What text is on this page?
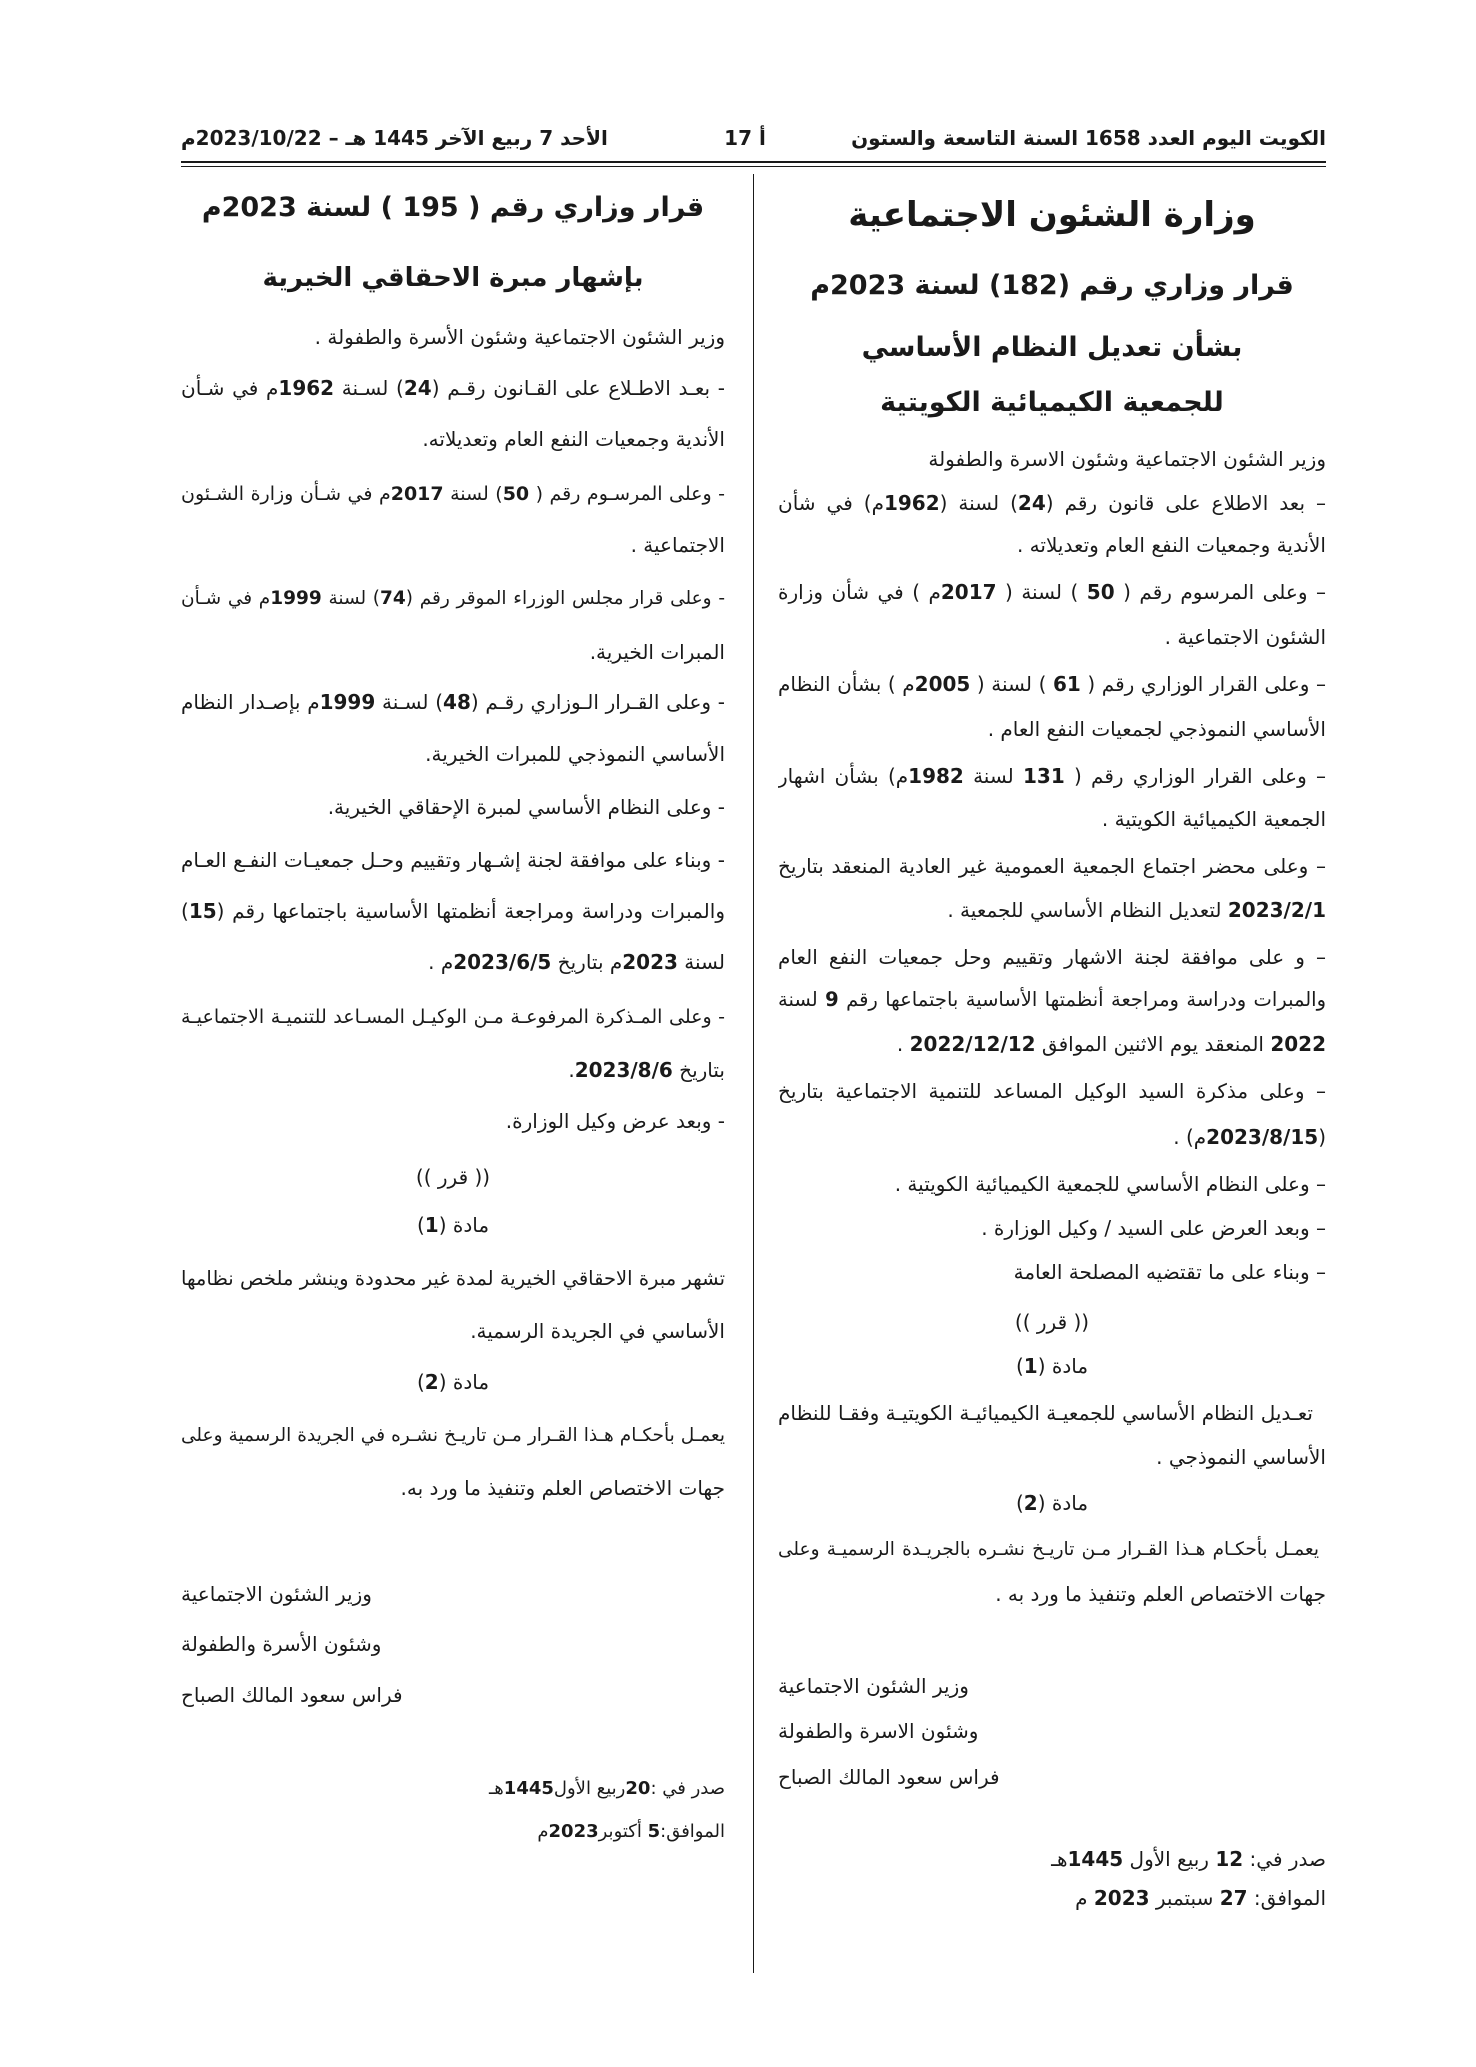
الكويت اليوم العدد 1658 السنة التاسعة والستون
أ 17
الأحد 7 ربيع الآخر 1445 هـ – 2023/10/22م
وزارة الشئون الاجتماعية
قرار وزاري رقم (182) لسنة 2023م
بشأن تعديل النظام الأساسي
للجمعية الكيميائية الكويتية
وزير الشئون الاجتماعية وشئون الاسرة والطفولة
– بعد الاطلاع على قانون رقم (24) لسنة (1962م) في شأن
الأندية وجمعيات النفع العام وتعديلاته .
– وعلى المرسوم رقم ( 50 ) لسنة ( 2017م ) في شأن وزارة
الشئون الاجتماعية .
– وعلى القرار الوزاري رقم ( 61 ) لسنة ( 2005م ) بشأن النظام
الأساسي النموذجي لجمعيات النفع العام .
– وعلى القرار الوزاري رقم ( 131 لسنة 1982م) بشأن اشهار
الجمعية الكيميائية الكويتية .
– وعلى محضر اجتماع الجمعية العمومية غير العادية المنعقد بتاريخ
2023/2/1 لتعديل النظام الأساسي للجمعية .
– و على موافقة لجنة الاشهار وتقييم وحل جمعيات النفع العام
والمبرات ودراسة ومراجعة أنظمتها الأساسية باجتماعها رقم 9 لسنة
2022 المنعقد يوم الاثنين الموافق 2022/12/12 .
– وعلى مذكرة السيد الوكيل المساعد للتنمية الاجتماعية بتاريخ
(2023/8/15م) .
– وعلى النظام الأساسي للجمعية الكيميائية الكويتية .
– وبعد العرض على السيد / وكيل الوزارة .
– وبناء على ما تقتضيه المصلحة العامة
(( قرر ))
مادة (1)
تعـديل النظام الأساسي للجمعيـة الكيميائيـة الكويتيـة وفقـا للنظام
الأساسي النموذجي .
مادة (2)
يعمـل بأحكـام هـذا القـرار مـن تاريـخ نشـره بالجريـدة الرسميـة وعلى
جهات الاختصاص العلم وتنفيذ ما ورد به .
وزير الشئون الاجتماعية
وشئون الاسرة والطفولة
فراس سعود المالك الصباح
صدر في: 12 ربيع الأول 1445هـ
الموافق: 27 سبتمبر 2023 م
قرار وزاري رقم ( 195 ) لسنة 2023م
بإشهار مبرة الاحقاقي الخيرية
وزير الشئون الاجتماعية وشئون الأسرة والطفولة .
- بعـد الاطـلاع على القـانون رقـم (24) لسـنة 1962م في شـأن
الأندية وجمعيات النفع العام وتعديلاته.
- وعلى المرسـوم رقم ( 50) لسنة 2017م في شـأن وزارة الشـئون
الاجتماعية .
- وعلى قرار مجلس الوزراء الموقر رقم (74) لسنة 1999م في شـأن
المبرات الخيرية.
- وعلى القـرار الـوزاري رقـم (48) لسـنة 1999م بإصـدار النظام
الأساسي النموذجي للمبرات الخيرية.
- وعلى النظام الأساسي لمبرة الإحقاقي الخيرية.
- وبناء على موافقة لجنة إشـهار وتقييم وحـل جمعيـات النفـع العـام
والمبرات ودراسة ومراجعة أنظمتها الأساسية باجتماعها رقم (15)
لسنة 2023م بتاريخ 2023/6/5م .
- وعلى المـذكرة المرفوعـة مـن الوكيـل المسـاعد للتنميـة الاجتماعيـة
بتاريخ 2023/8/6.
- وبعد عرض وكيل الوزارة.
(( قرر ))
مادة (1)
تشهر مبرة الاحقاقي الخيرية لمدة غير محدودة وينشر ملخص نظامها
الأساسي في الجريدة الرسمية.
مادة (2)
يعمـل بأحكـام هـذا القـرار مـن تاريـخ نشـره في الجريدة الرسمية وعلى
جهات الاختصاص العلم وتنفيذ ما ورد به.
وزير الشئون الاجتماعية
وشئون الأسرة والطفولة
فراس سعود المالك الصباح
صدر في :20ربيع الأول1445هـ
الموافق:5 أكتوبر2023م
